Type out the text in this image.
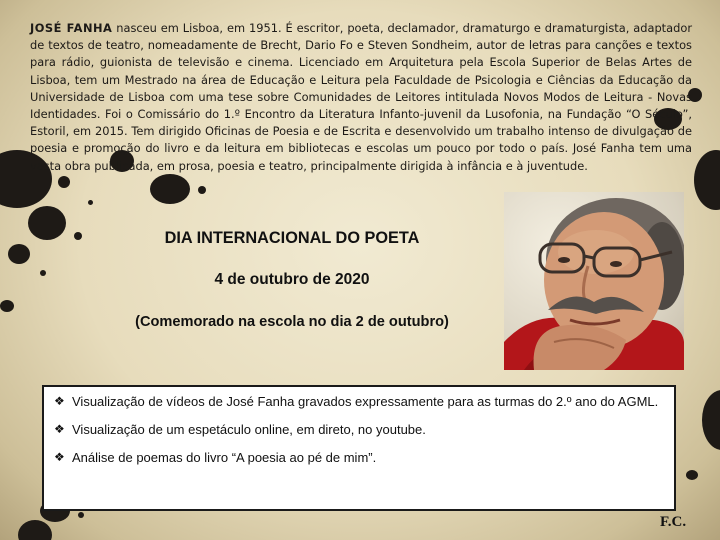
JOSÉ FANHA nasceu em Lisboa, em 1951. É escritor, poeta, declamador, dramaturgo e dramaturgista, adaptador de textos de teatro, nomeadamente de Brecht, Dario Fo e Steven Sondheim, autor de letras para canções e textos para rádio, guionista de televisão e cinema. Licenciado em Arquitetura pela Escola Superior de Belas Artes de Lisboa, tem um Mestrado na área de Educação e Leitura pela Faculdade de Psicologia e Ciências da Educação da Universidade de Lisboa com uma tese sobre Comunidades de Leitores intitulada Novos Modos de Leitura - Novas Identidades. Foi o Comissário do 1.º Encontro da Literatura Infanto-juvenil da Lusofonia, na Fundação “O Século”, Estoril, em 2015. Tem dirigido Oficinas de Poesia e de Escrita e desenvolvido um trabalho intenso de divulgação de poesia e promoção do livro e da leitura em bibliotecas e escolas um pouco por todo o país. José Fanha tem uma vasta obra publicada, em prosa, poesia e teatro, principalmente dirigida à infância e à juventude.

DIA INTERNACIONAL DO POETA
4 de outubro de 2020
(Comemorado na escola no dia 2 de outubro)
❖ Visualização de vídeos de José Fanha gravados expressamente para as turmas do 2.º ano do AGML.
❖ Visualização de um espetáculo online, em direto, no youtube.
❖ Análise de poemas do livro “A poesia ao pé de mim”.
F.C.
